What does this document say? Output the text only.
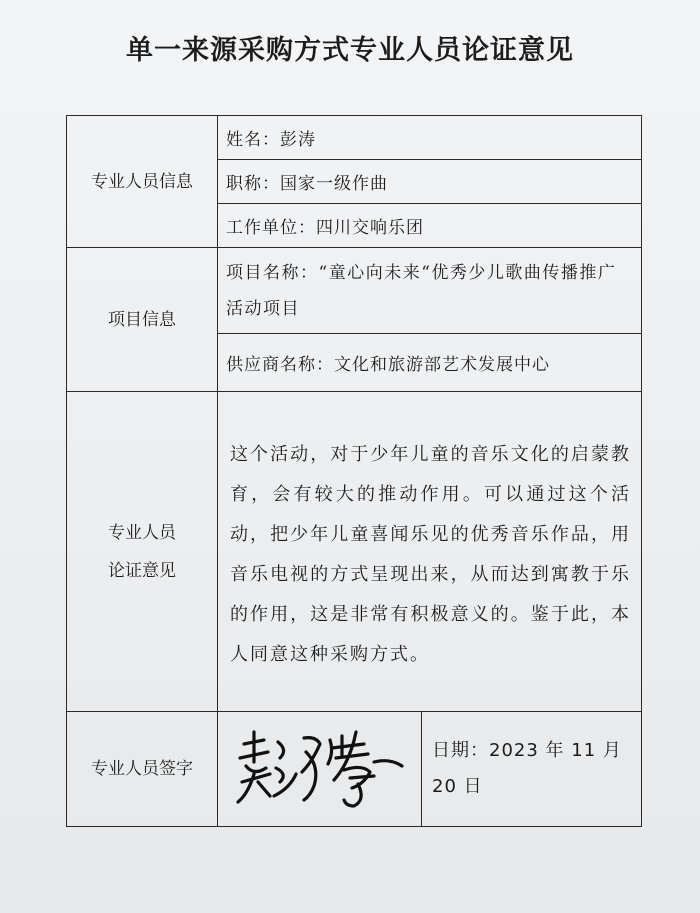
单一来源采购方式专业人员论证意见
专业人员信息	姓名：彭涛	
	职称：国家一级作曲	
	工作单位：四川交响乐团	
项目信息	项目名称：“童心向未来“优秀少儿歌曲传播推广活动项目	
	供应商名称：文化和旅游部艺术发展中心	

专业人员
论证意见	这个活动，对于少年儿童的音乐文化的启蒙教育，会有较大的推动作用。可以通过这个活动，把少年儿童喜闻乐见的优秀音乐作品，用音乐电视的方式呈现出来，从而达到寓教于乐的作用，这是非常有积极意义的。鉴于此，本人同意这种采购方式。	
专业人员签字		日期：2023 年 11 月 20 日
